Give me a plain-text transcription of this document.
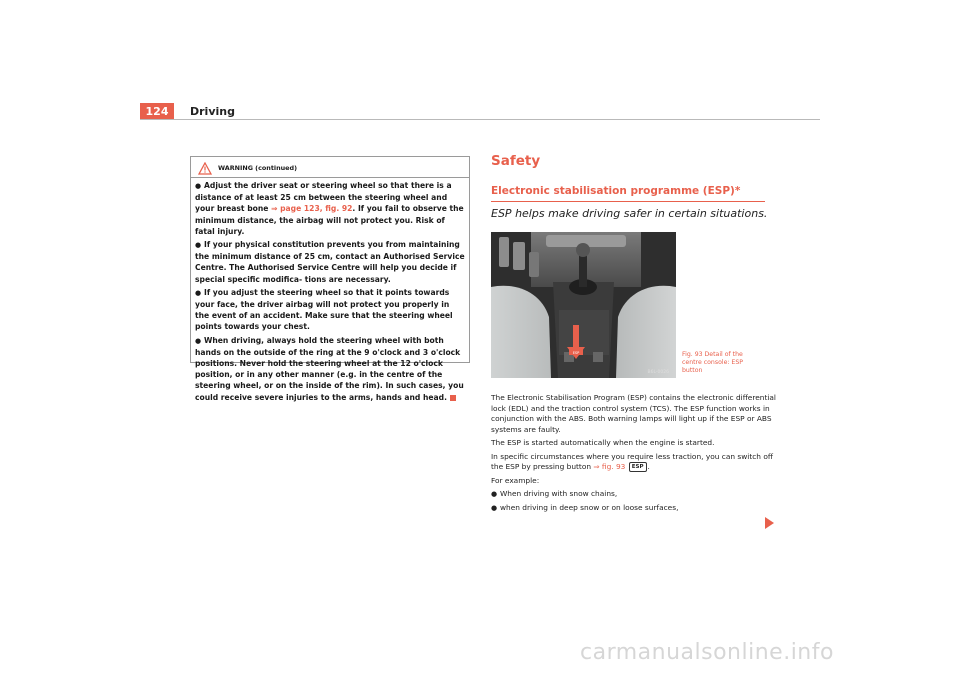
124	Driving
WARNING (continued)
● Adjust the driver seat or steering wheel so that there is a distance of at least 25 cm between the steering wheel and your breast bone ⇒ page 123, fig. 92. If you fail to observe the minimum distance, the airbag will not protect you. Risk of fatal injury.
● If your physical constitution prevents you from maintaining the minimum distance of 25 cm, contact an Authorised Service Centre. The Authorised Service Centre will help you decide if special specific modifica- tions are necessary.
● If you adjust the steering wheel so that it points towards your face, the driver airbag will not protect you properly in the event of an accident. Make sure that the steering wheel points towards your chest.
● When driving, always hold the steering wheel with both hands on the outside of the ring at the 9 o'clock and 3 o'clock positions. Never hold the steering wheel at the 12 o'clock position, or in any other manner (e.g. in the centre of the steering wheel, or on the inside of the rim). In such cases, you could receive severe injuries to the arms, hands and head.
Safety
Electronic stabilisation programme (ESP)*
ESP helps make driving safer in certain situations.
ESP
B6L-0026
Fig. 93 Detail of the centre console: ESP button

The Electronic Stabilisation Program (ESP) contains the electronic differential lock (EDL) and the traction control system (TCS). The ESP function works in conjunction with the ABS. Both warning lamps will light up if the ESP or ABS systems are faulty.

The ESP is started automatically when the engine is started.

In specific circumstances where you require less traction, you can switch off the ESP by pressing button ⇒ fig. 93 ESP .

For example:

● When driving with snow chains,
● when driving in deep snow or on loose surfaces,
carmanualsonline.info
